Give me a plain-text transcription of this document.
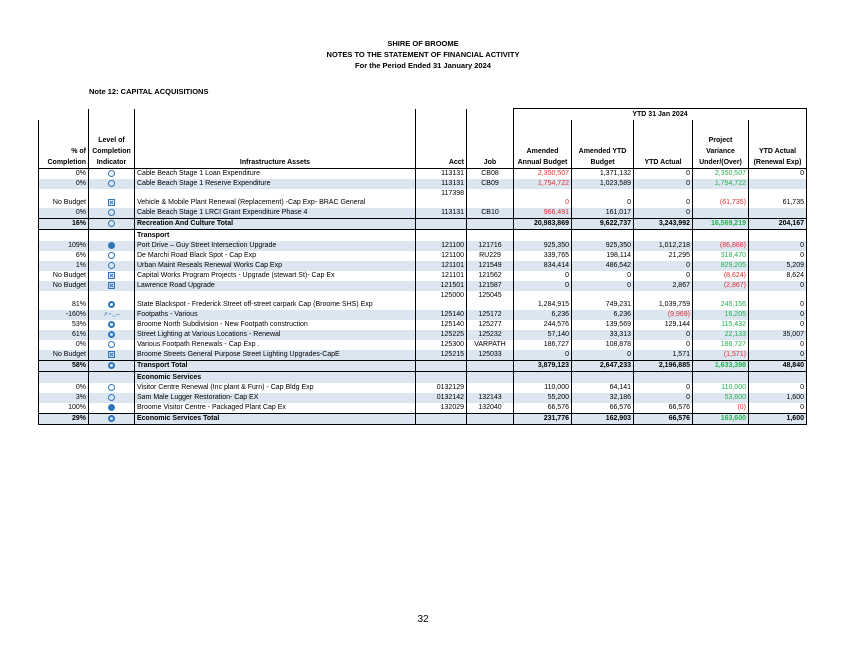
SHIRE OF BROOME
NOTES TO THE STATEMENT OF FINANCIAL ACTIVITY
For the Period Ended 31 January 2024
Note 12: CAPITAL ACQUISITIONS
					YTD 31 Jan 2024				
% of Completion	Level of Completion Indicator	Infrastructure Assets	Acct	Job	Amended Annual Budget	Amended YTD Budget	YTD Actual	Project Variance Under/(Over)	YTD Actual (Renewal Exp)
0%		Cable Beach Stage 1 Loan Expenditure	113131	CB08	2,350,507	1,371,132	0	2,350,507	0
0%		Cable Beach Stage 1 Reserve Expenditure	113131	CB09	1,754,722	1,023,589	0	1,754,722	
No Budget		Vehicle & Mobile Plant Renewal (Replacement) -Cap Exp- BRAC General	117398		0	0	0	(61,735)	61,735
0%		Cable Beach Stage 1 LRCI Grant Expenditure Phase 4	113131	CB10	966,491	161,017	0		
16%		Recreation And Culture Total			20,983,869	9,622,737	3,243,992	16,569,219	204,167
		Transport							
109%		Port Drive – Guy Street Intersection Upgrade	121100	121716	925,350	925,350	1,012,218	(86,868)	0
6%		De Marchi Road Black Spot - Cap Exp	121100	RU229	339,765	198,114	21,295	318,470	0
1%		Urban Maint Reseals Renewal Works Cap Exp	121101	121549	834,414	486,542	0	829,205	5,209
No Budget		Capital Works Program Projects - Upgrade (stewart St)- Cap Ex	121101	121562	0	0	0	(8,624)	8,624
No Budget		Lawrence Road Upgrade	121501	121587	0	0	2,867	(2,867)	0
81%		State Blackspot - Frederick Street off-street carpark Cap (Broome SHS) Exp	125000	125045	1,284,915	749,231	1,039,759	245,156	0
-160%	↗◔◡‒	Footpaths - Various	125140	125172	6,236	6,236	(9,969)	16,205	0
53%		Broome North Subdivision - New Footpath construction	125140	125277	244,576	139,569	129,144	115,432	0
61%		Street Lighting at Various Locations - Renewal	125225	125232	57,140	33,313	0	22,133	35,007
0%		Various Footpath Renewals - Cap Exp .	125300	VARPATH	186,727	108,878	0	186,727	0
No Budget		Broome Streets General Purpose Street Lighting Upgrades-CapE	125215	125033	0	0	1,571	(1,571)	0
58%		Transport Total			3,879,123	2,647,233	2,196,885	1,633,398	48,840
		Economic Services							
0%		Visitor Centre Renewal (Inc plant & Furn) - Cap Bldg Exp	0132129		110,000	64,141	0	110,000	0
3%		Sam Male Lugger Restoration- Cap EX	0132142	132143	55,200	32,186	0	53,600	1,600
100%		Broome Visitor Centre - Packaged Plant Cap Ex	132029	132040	66,576	66,576	66,576	(0)	0
29%		Economic Services Total			231,776	162,903	66,576	163,600	1,600
32
